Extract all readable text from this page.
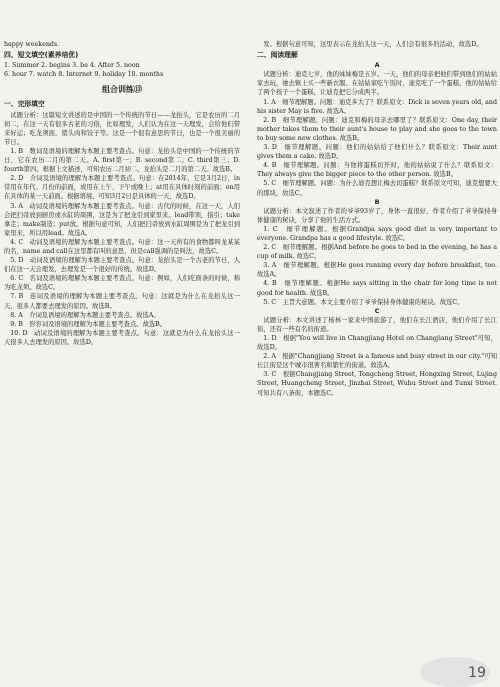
happy weekends.

四、短文填空(素养培优)

1. Summer 2. begins 3. be 4. After 5. noon

6. hour 7. watch 8. Internet 9. holiday 10. months

组合训练⑬

一、完形填空

试题分析：这篇短文讲述的是中国的一个传统的节日——龙抬头，它是农历的二月初二，在这一天有很多古老的习俗，比如理发，人们认为在这一天理发，会给他们带来好运；吃龙须面，猪头肉和饺子等。这是一个很有意思的节日，也是一个很美丽的节日。

1. B　数词及语境的理解为本题主要考查点。句意：龙抬头是中国的一个传统的节日，它在农历二月的第二天。A. first第一；B. second第二；C. third第三；D. fourth第四。根据上文描述，可知农历二月初二，龙抬头是二月的第二天。故选B。

2. D　介词及语境的理解为本题主要考查点。句意：在2014年，它是3月2日，in常用在年代、月份的前面，或用在上午、下午或晚上；at用在具体时刻的前面；on用在具体的某一天前面。根据语境，可知3月2日是具体的一天，故选D。

3. A　动词及语境的理解为本题主要考查点。句意：古代的时候，在这一天，人们会把扫帚放到厨房或水缸的周围，这是为了把龙引到家里来。lead带领，指引；take拿走；make制造；put放。根据句意可知，人们把扫帚放到水缸周围是为了把龙引到家里来，所以用lead。故选A。

4. C　动词及语境的理解为本题主要考查点。句意：这一天所有的食物都叫龙某某的名，name and call在这里都有叫的意思，但是call强调的是叫法，故选C。

5. D　动词及语境的理解为本题主要考查点。句意：龙抬头是一个古老的节日，人们在这一天会理发，去理发是一个很好的传统。故选D。

6. C　名词及语境的理解为本题主要考查点。句意：例如，人们吃面条的时候，称为吃龙须。故选C。

7. B　连词及语境的理解为本题主要考查点。句意：这就是为什么在龙抬头这一天，很多人都要去理发的原因。故选B。

8. A　介词及语境的理解为本题主要考查点。故选A。

9. B　形容词及语境的理解为本题主要考查点。故选B。

10. D　动词及语境的理解为本题主要考查点。句意：这就是为什么在龙抬头这一天很多人去理发的原因。故选D。

发。根据句意可知，这里表示在龙抬头这一天，人们会有很多的活动，故选D。

二、阅读理解

A

试题分析：迪克七岁，他的妹妹梅是五岁。一天，他们的母亲把他们带到他们的姑姑家去玩，她去镇上买一些新衣服。在姑姑家吃午饭时，迪克吃了一个蛋糕，他的姑姑给了两个孩子一个蛋糕，让迪克把它分成两半。

1. A　细节理解题。问题：迪克多大了？联系原文：Dick is seven years old, and his sister May is five. 故选A。

2. B　细节理解题。问题：迪克和梅的母亲去哪里了？联系原文：One day, their mother takes them to their aunt's house to play and she goes to the town to buy some new clothes. 故选B。

3. D　细节理解题。问题：他们的姑姑给了他们什么？联系原文：Their aunt gives them a cake. 故选D。

4. B　细节理解题。问题：当他将蛋糕切开时，他的姑姑说了什么？联系原文：They always give the bigger piece to the other person. 故选B。

5. C　细节理解题。问题：为什么迪克想让梅去切蛋糕？联系原文可知，迪克想要大的那块，故选C。

B

试题分析：本文叙述了作者的爷爷93岁了，身体一直很好，作者介绍了爷爷保持身体健康的秘诀，分享了他的生活方式。

1. C　细节理解题。根据Grandpa says good diet is very important to everyone. Grandpa has a good lifestyle. 故选C。

2. C　细节理解题。根据And before he goes to bed in the evening, he has a cup of milk. 故选C。

3. A　细节理解题。根据He goes running every day before breakfast, too. 故选A。

4. B　细节理解题。根据He says sitting in the chair for long time is not good for health. 故选B。

5. C　主旨大意题。本文主要介绍了爷爷保持身体健康的秘诀。故选C。

C

试题分析：本文讲述了杨林一家来中国旅游了，他们在长江酒店，他们介绍了长江街，还有一些有名的街道。

1. D　根据"You will live in Changjiang Hotel on Changjiang Street"可知，故选D。

2. A　根据"Changjiang Street is a famous and busy street in our city."可知长江街是这个城市很著名和繁忙的街道。故选A。

3. C　根据Changjiang Street, Tongcheng Street, Hongxing Street, Lujing Street, Huangcheng Street, Jinzhai Street, Wuhu Street and Tunxi Street. 可知共有八条街，本题选C。

19
